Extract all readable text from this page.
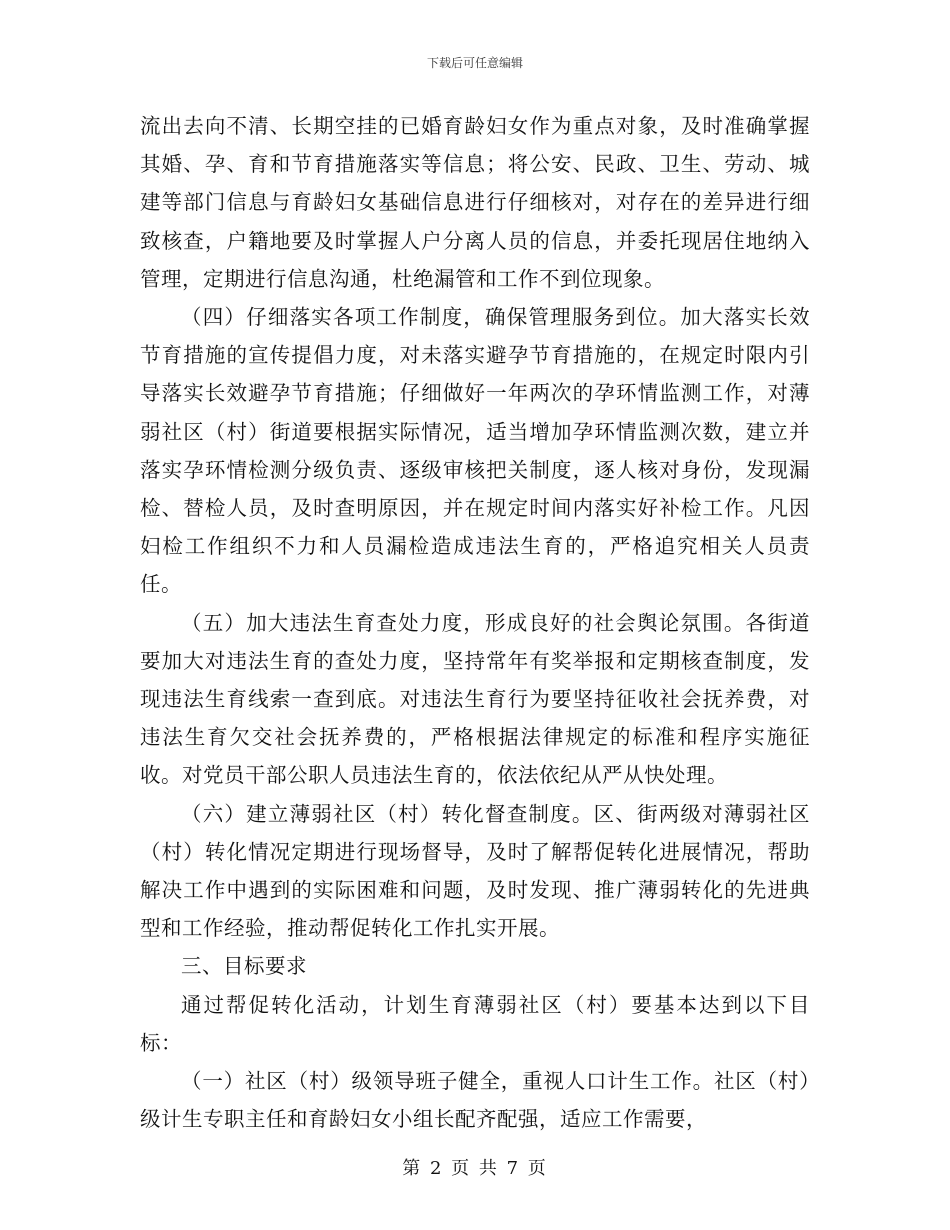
下载后可任意编辑

流出去向不清、长期空挂的已婚育龄妇女作为重点对象，及时准确掌握其婚、孕、育和节育措施落实等信息；将公安、民政、卫生、劳动、城建等部门信息与育龄妇女基础信息进行仔细核对，对存在的差异进行细致核查，户籍地要及时掌握人户分离人员的信息，并委托现居住地纳入管理，定期进行信息沟通，杜绝漏管和工作不到位现象。

（四）仔细落实各项工作制度，确保管理服务到位。加大落实长效节育措施的宣传提倡力度，对未落实避孕节育措施的，在规定时限内引导落实长效避孕节育措施；仔细做好一年两次的孕环情监测工作，对薄弱社区（村）街道要根据实际情况，适当增加孕环情监测次数，建立并落实孕环情检测分级负责、逐级审核把关制度，逐人核对身份，发现漏检、替检人员，及时查明原因，并在规定时间内落实好补检工作。凡因妇检工作组织不力和人员漏检造成违法生育的，严格追究相关人员责任。

（五）加大违法生育查处力度，形成良好的社会舆论氛围。各街道要加大对违法生育的查处力度，坚持常年有奖举报和定期核查制度，发现违法生育线索一查到底。对违法生育行为要坚持征收社会抚养费，对违法生育欠交社会抚养费的，严格根据法律规定的标准和程序实施征收。对党员干部公职人员违法生育的，依法依纪从严从快处理。

（六）建立薄弱社区（村）转化督查制度。区、街两级对薄弱社区（村）转化情况定期进行现场督导，及时了解帮促转化进展情况，帮助解决工作中遇到的实际困难和问题，及时发现、推广薄弱转化的先进典型和工作经验，推动帮促转化工作扎实开展。

三、目标要求

通过帮促转化活动，计划生育薄弱社区（村）要基本达到以下目标：

（一）社区（村）级领导班子健全，重视人口计生工作。社区（村）级计生专职主任和育龄妇女小组长配齐配强，适应工作需要，

第 2 页 共 7 页
